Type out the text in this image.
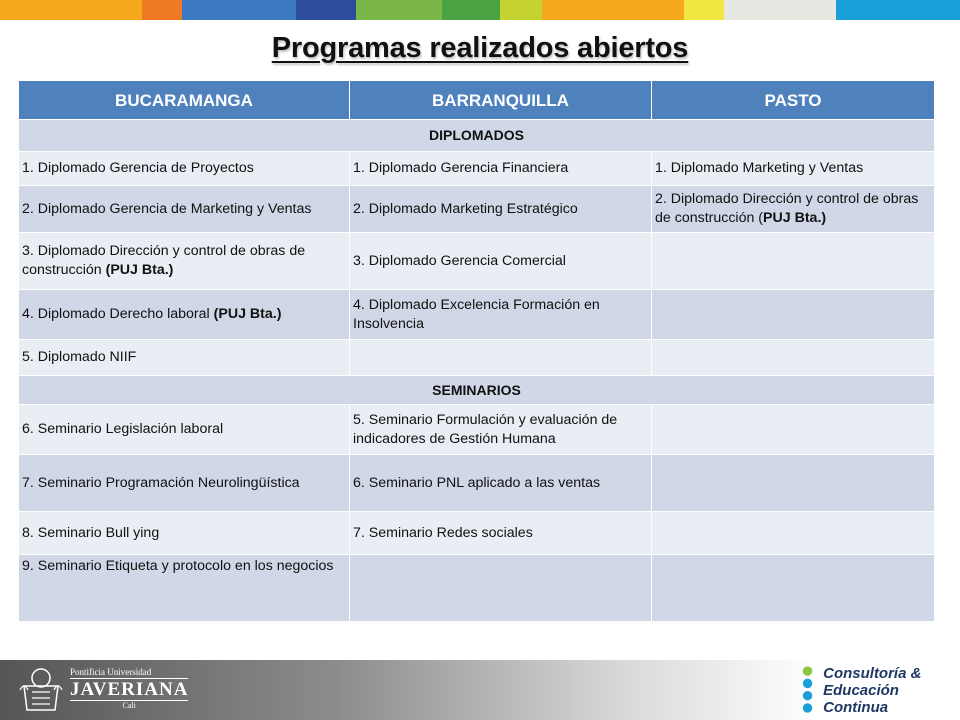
Programas realizados abiertos
BUCARAMANGA	BARRANQUILLA	PASTO
DIPLOMADOS		
1. Diplomado Gerencia de Proyectos	1. Diplomado Gerencia Financiera	1. Diplomado Marketing y Ventas
2. Diplomado Gerencia de Marketing y Ventas	2. Diplomado Marketing Estratégico	2. Diplomado Dirección y control de obras de construcción (PUJ Bta.)
3. Diplomado Dirección y control de obras de construcción (PUJ Bta.)	3. Diplomado Gerencia Comercial	
4. Diplomado Derecho laboral (PUJ Bta.)	4. Diplomado Excelencia Formación en Insolvencia	
5. Diplomado NIIF		
SEMINARIOS		
6. Seminario Legislación laboral	5. Seminario Formulación y evaluación de indicadores de Gestión Humana	
7. Seminario Programación Neurolingüística	6. Seminario PNL aplicado a las ventas	
8. Seminario Bull ying	7. Seminario Redes sociales	
9. Seminario Etiqueta y protocolo en los negocios		
Pontificia Universidad
JAVERIANA
Cali
Consultoría &
Educación Continua
